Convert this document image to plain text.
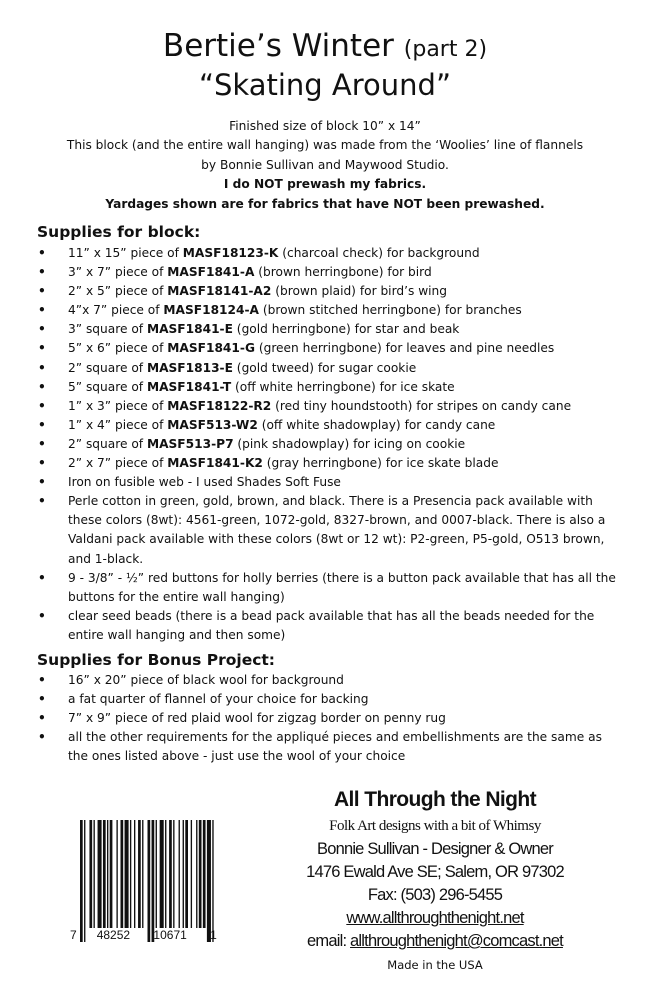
Bertie’s Winter (part 2)
“Skating Around”
Finished size of block 10” x 14”
This block (and the entire wall hanging) was made from the ‘Woolies’ line of flannels
by Bonnie Sullivan and Maywood Studio.
I do NOT prewash my fabrics.
Yardages shown are for fabrics that have NOT been prewashed.
Supplies for block:
• 11” x 15” piece of MASF18123-K (charcoal check) for background
• 3” x 7” piece of MASF1841-A (brown herringbone) for bird
• 2” x 5” piece of MASF18141-A2 (brown plaid) for bird’s wing
• 4”x 7” piece of MASF18124-A (brown stitched herringbone) for branches
• 3” square of MASF1841-E (gold herringbone) for star and beak
• 5” x 6” piece of MASF1841-G (green herringbone) for leaves and pine needles
• 2” square of MASF1813-E (gold tweed) for sugar cookie
• 5” square of MASF1841-T (off white herringbone) for ice skate
• 1” x 3” piece of MASF18122-R2 (red tiny houndstooth) for stripes on candy cane
• 1” x 4” piece of MASF513-W2 (off white shadowplay) for candy cane
• 2” square of MASF513-P7 (pink shadowplay) for icing on cookie
• 2” x 7” piece of MASF1841-K2 (gray herringbone) for ice skate blade
• Iron on fusible web - I used Shades Soft Fuse
• Perle cotton in green, gold, brown, and black. There is a Presencia pack available with these colors (8wt): 4561-green, 1072-gold, 8327-brown, and 0007-black. There is also a Valdani pack available with these colors (8wt or 12 wt): P2-green, P5-gold, O513 brown, and 1-black.
• 9 - 3/8” - ½” red buttons for holly berries (there is a button pack available that has all the buttons for the entire wall hanging)
• clear seed beads (there is a bead pack available that has all the beads needed for the entire wall hanging and then some)
Supplies for Bonus Project:
• 16” x 20” piece of black wool for background
• a fat quarter of flannel of your choice for backing
• 7” x 9” piece of red plaid wool for zigzag border on penny rug
• all the other requirements for the appliqué pieces and embellishments are the same as the ones listed above - just use the wool of your choice
7 48252 10671 1
All Through the Night
Folk Art designs with a bit of Whimsy
Bonnie Sullivan - Designer & Owner
1476 Ewald Ave SE; Salem, OR 97302
Fax: (503) 296-5455
www.allthroughthenight.net
email: allthroughthenight@comcast.net
Made in the USA
